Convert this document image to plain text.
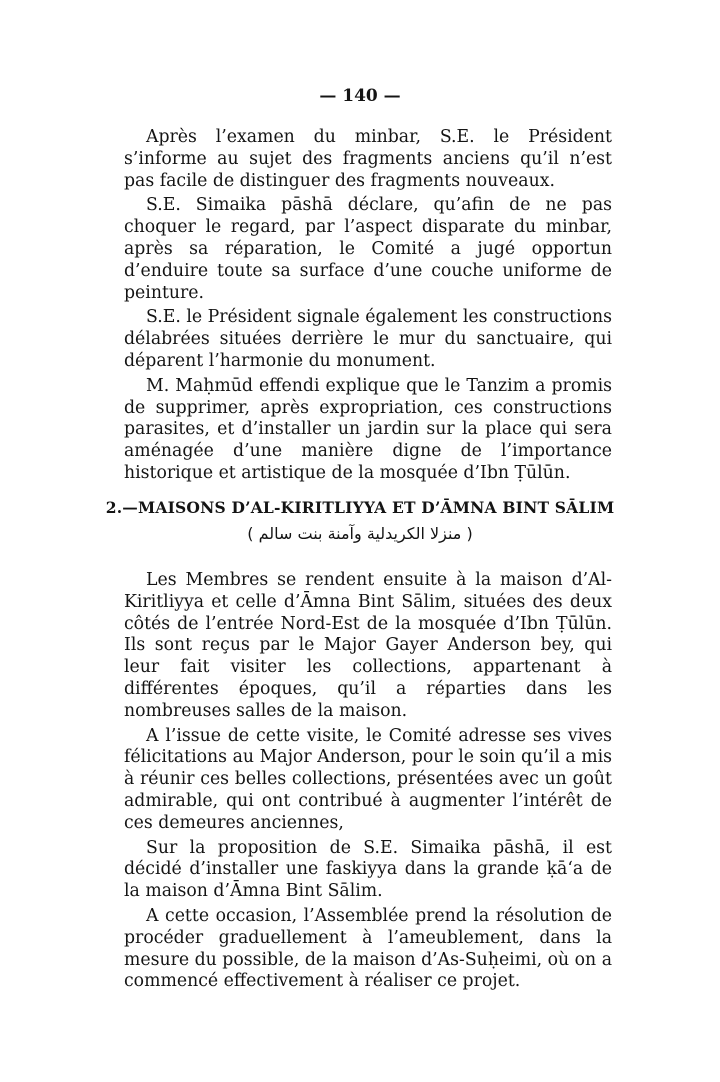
— 140 —

Après l’examen du minbar, S.E. le Président s’informe au sujet des fragments anciens qu’il n’est pas facile de distinguer des fragments nouveaux.

S.E. Simaika pāshā déclare, qu’afin de ne pas choquer le regard, par l’aspect disparate du minbar, après sa réparation, le Comité a jugé opportun d’enduire toute sa surface d’une couche uniforme de peinture.

S.E. le Président signale également les constructions délabrées situées derrière le mur du sanctuaire, qui déparent l’harmonie du monument.

M. Maḥmūd effendi explique que le Tanzim a promis de supprimer, après expropriation, ces constructions parasites, et d’installer un jardin sur la place qui sera aménagée d’une manière digne de l’importance historique et artistique de la mosquée d’Ibn Ṭūlūn.

2.—MAISONS D’AL-KIRITLIYYA ET D’ĀMNA BINT SĀLIM
( منزلا الكريدلية وآمنة بنت سالم )

Les Membres se rendent ensuite à la maison d’Al-Kiritliyya et celle d’Āmna Bint Sālim, situées des deux côtés de l’entrée Nord-Est de la mosquée d’Ibn Ṭūlūn. Ils sont reçus par le Major Gayer Anderson bey, qui leur fait visiter les collections, appartenant à différentes époques, qu’il a réparties dans les nombreuses salles de la maison.

A l’issue de cette visite, le Comité adresse ses vives félicitations au Major Anderson, pour le soin qu’il a mis à réunir ces belles collections, présentées avec un goût admirable, qui ont contribué à augmenter l’intérêt de ces demeures anciennes,

Sur la proposition de S.E. Simaika pāshā, il est décidé d’installer une faskiyya dans la grande ḳā‘a de la maison d’Āmna Bint Sālim.

A cette occasion, l’Assemblée prend la résolution de procéder graduellement à l’ameublement, dans la mesure du possible, de la maison d’As-Suḥeimi, où on a commencé effectivement à réaliser ce projet.
